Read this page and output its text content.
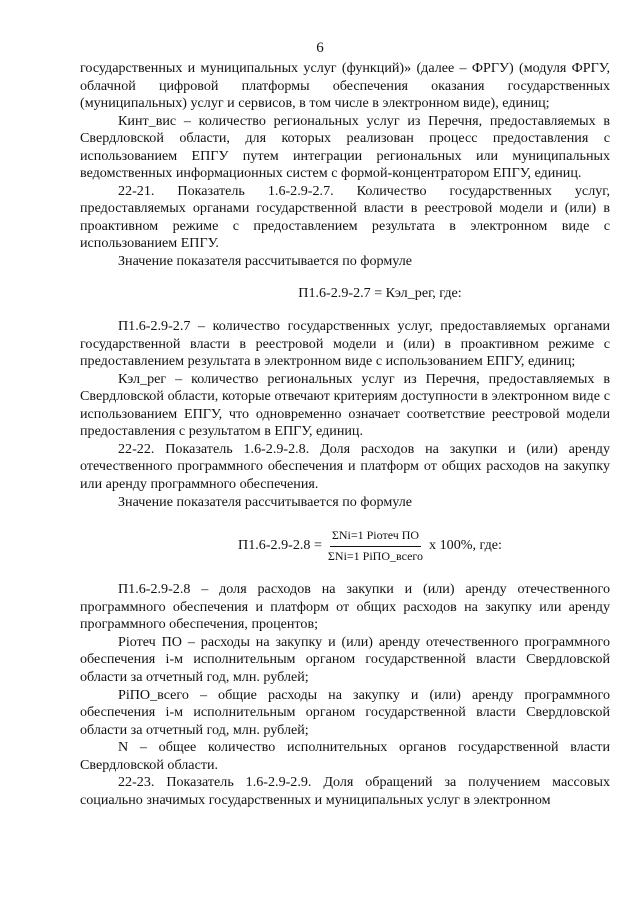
6

государственных и муниципальных услуг (функций)» (далее – ФРГУ) (модуля ФРГУ, облачной цифровой платформы обеспечения оказания государственных (муниципальных) услуг и сервисов, в том числе в электронном виде), единиц;

Кинт_вис – количество региональных услуг из Перечня, предоставляемых в Свердловской области, для которых реализован процесс предоставления с использованием ЕПГУ путем интеграции региональных или муниципальных ведомственных информационных систем с формой-концентратором ЕПГУ, единиц.

22-21. Показатель 1.6-2.9-2.7. Количество государственных услуг, предоставляемых органами государственной власти в реестровой модели и (или) в проактивном режиме с предоставлением результата в электронном виде с использованием ЕПГУ.

Значение показателя рассчитывается по формуле

П1.6-2.9-2.7 = Кэл_рег, где:

П1.6-2.9-2.7 – количество государственных услуг, предоставляемых органами государственной власти в реестровой модели и (или) в проактивном режиме с предоставлением результата в электронном виде с использованием ЕПГУ, единиц;

Кэл_рег – количество региональных услуг из Перечня, предоставляемых в Свердловской области, которые отвечают критериям доступности в электронном виде с использованием ЕПГУ, что одновременно означает соответствие реестровой модели предоставления с результатом в ЕПГУ, единиц.

22-22. Показатель 1.6-2.9-2.8. Доля расходов на закупки и (или) аренду отечественного программного обеспечения и платформ от общих расходов на закупку или аренду программного обеспечения.

Значение показателя рассчитывается по формуле

$П1.6-2.9-2.8 = \frac{\text{ΣNi=1 Piотеч ПО}}{\text{ΣNi=1 PiПО\_всего}}$ x 100%, где:

П1.6-2.9-2.8 – доля расходов на закупки и (или) аренду отечественного программного обеспечения и платформ от общих расходов на закупку или аренду программного обеспечения, процентов;

Piотеч ПО – расходы на закупку и (или) аренду отечественного программного обеспечения i-м исполнительным органом государственной власти Свердловской области за отчетный год, млн. рублей;

PiПО_всего – общие расходы на закупку и (или) аренду программного обеспечения i-м исполнительным органом государственной власти Свердловской области за отчетный год, млн. рублей;

N – общее количество исполнительных органов государственной власти Свердловской области.

22-23. Показатель 1.6-2.9-2.9. Доля обращений за получением массовых социально значимых государственных и муниципальных услуг в электронном
